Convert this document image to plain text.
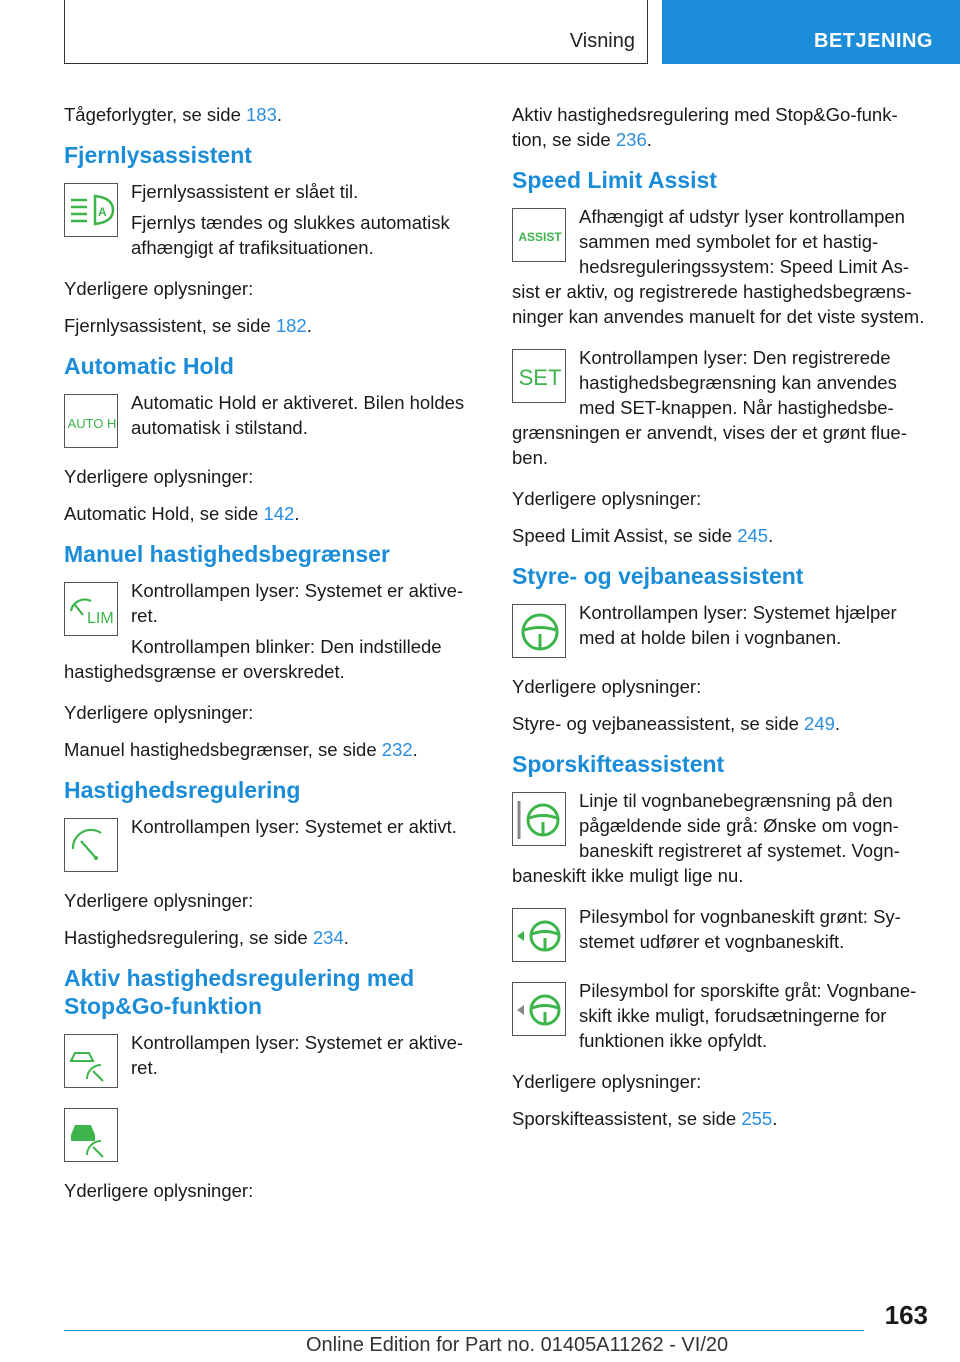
Visning	BETJENING

Tågeforlygter, se side 183.

Fjernlysassistent
A

Fjernlysassistent er slået til.

Fjernlys tændes og slukkes automatisk afhængigt af trafiksituationen.

Yderligere oplysninger:

Fjernlysassistent, se side 182.

Automatic Hold
AUTO H

Automatic Hold er aktiveret. Bilen holdes automatisk i stilstand.

Yderligere oplysninger:

Automatic Hold, se side 142.

Manuel hastighedsbegrænser
LIM

Kontrollampen lyser: Systemet er aktive-ret.

Kontrollampen blinker: Den indstillede hastighedsgrænse er overskredet.

Yderligere oplysninger:

Manuel hastighedsbegrænser, se side 232.

Hastighedsregulering

Kontrollampen lyser: Systemet er aktivt.

Yderligere oplysninger:

Hastighedsregulering, se side 234.

Aktiv hastighedsregulering med Stop&Go-funktion

Kontrollampen lyser: Systemet er aktive-ret.

Yderligere oplysninger:

Aktiv hastighedsregulering med Stop&Go-funk-tion, se side 236.

Speed Limit Assist
ASSIST

Afhængigt af udstyr lyser kontrollampen sammen med symbolet for et hastig-hedsreguleringssystem: Speed Limit As-sist er aktiv, og registrerede hastighedsbegræns-ninger kan anvendes manuelt for det viste system.

SET

Kontrollampen lyser: Den registrerede hastighedsbegrænsning kan anvendes med SET-knappen. Når hastighedsbe-grænsningen er anvendt, vises der et grønt flue-ben.

Yderligere oplysninger:

Speed Limit Assist, se side 245.

Styre- og vejbaneassistent

Kontrollampen lyser: Systemet hjælper med at holde bilen i vognbanen.

Yderligere oplysninger:

Styre- og vejbaneassistent, se side 249.

Sporskifteassistent

Linje til vognbanebegrænsning på den pågældende side grå: Ønske om vogn-baneskift registreret af systemet. Vogn-baneskift ikke muligt lige nu.

Pilesymbol for vognbaneskift grønt: Sy-stemet udfører et vognbaneskift.

Pilesymbol for sporskifte gråt: Vognbane-skift ikke muligt, forudsætningerne for funktionen ikke opfyldt.

Yderligere oplysninger:

Sporskifteassistent, se side 255.

163
Online Edition for Part no. 01405A11262 - VI/20
